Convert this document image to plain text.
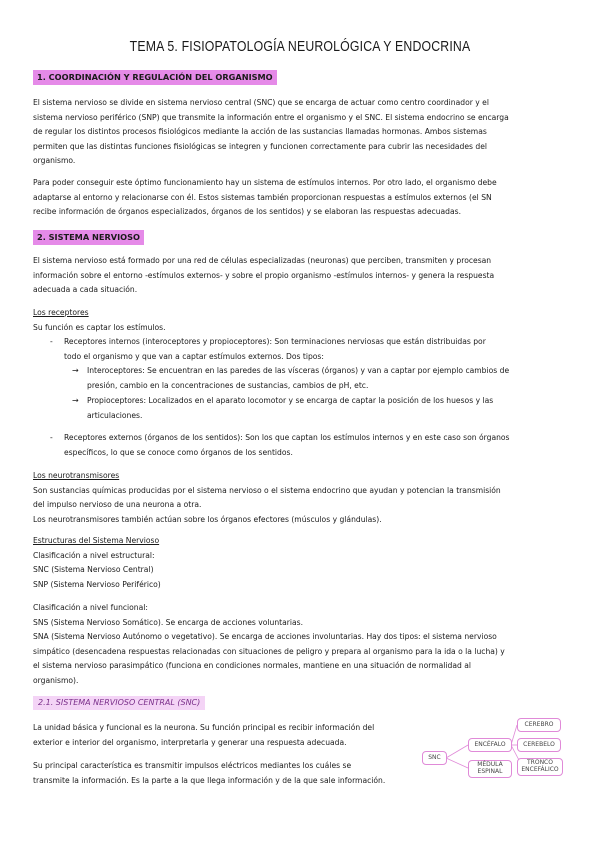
TEMA 5. FISIOPATOLOGÍA NEUROLÓGICA Y ENDOCRINA
1. COORDINACIÓN Y REGULACIÓN DEL ORGANISMO
El sistema nervioso se divide en sistema nervioso central (SNC) que se encarga de actuar como centro coordinador y el
sistema nervioso periférico (SNP) que transmite la información entre el organismo y el SNC. El sistema endocrino se encarga
de regular los distintos procesos fisiológicos mediante la acción de las sustancias llamadas hormonas. Ambos sistemas
permiten que las distintas funciones fisiológicas se integren y funcionen correctamente para cubrir las necesidades del
organismo.
Para poder conseguir este óptimo funcionamiento hay un sistema de estímulos internos. Por otro lado, el organismo debe
adaptarse al entorno y relacionarse con él. Estos sistemas también proporcionan respuestas a estímulos externos (el SN
recibe información de órganos especializados, órganos de los sentidos) y se elaboran las respuestas adecuadas.
2. SISTEMA NERVIOSO
El sistema nervioso está formado por una red de células especializadas (neuronas) que perciben, transmiten y procesan
información sobre el entorno -estímulos externos- y sobre el propio organismo -estímulos internos- y genera la respuesta
adecuada a cada situación.
Los receptores
Su función es captar los estímulos.
- Receptores internos (interoceptores y propioceptores): Son terminaciones nerviosas que están distribuidas por
todo el organismo y que van a captar estímulos externos. Dos tipos:
→ Interoceptores: Se encuentran en las paredes de las vísceras (órganos) y van a captar por ejemplo cambios de
presión, cambio en la concentraciones de sustancias, cambios de pH, etc.
→ Propioceptores: Localizados en el aparato locomotor y se encarga de captar la posición de los huesos y las
articulaciones.
- Receptores externos (órganos de los sentidos): Son los que captan los estímulos internos y en este caso son órganos
específicos, lo que se conoce como órganos de los sentidos.
Los neurotransmisores
Son sustancias químicas producidas por el sistema nervioso o el sistema endocrino que ayudan y potencian la transmisión
del impulso nervioso de una neurona a otra.
Los neurotransmisores también actúan sobre los órganos efectores (músculos y glándulas).
Estructuras del Sistema Nervioso
Clasificación a nivel estructural:
SNC (Sistema Nervioso Central)
SNP (Sistema Nervioso Periférico)
Clasificación a nivel funcional:
SNS (Sistema Nervioso Somático). Se encarga de acciones voluntarias.
SNA (Sistema Nervioso Autónomo o vegetativo). Se encarga de acciones involuntarias. Hay dos tipos: el sistema nervioso
simpático (desencadena respuestas relacionadas con situaciones de peligro y prepara al organismo para la ida o la lucha) y
el sistema nervioso parasimpático (funciona en condiciones normales, mantiene en una situación de normalidad al
organismo).
2.1. SISTEMA NERVIOSO CENTRAL (SNC)
La unidad básica y funcional es la neurona. Su función principal es recibir información del
exterior e interior del organismo, interpretarla y generar una respuesta adecuada.
Su principal característica es transmitir impulsos eléctricos mediantes los cuáles se
transmite la información. Es la parte a la que llega información y de la que sale información.
SNC
ENCÉFALO
MÉDULA ESPINAL
CEREBRO
CEREBELO
TRONCO ENCEFÁLICO
